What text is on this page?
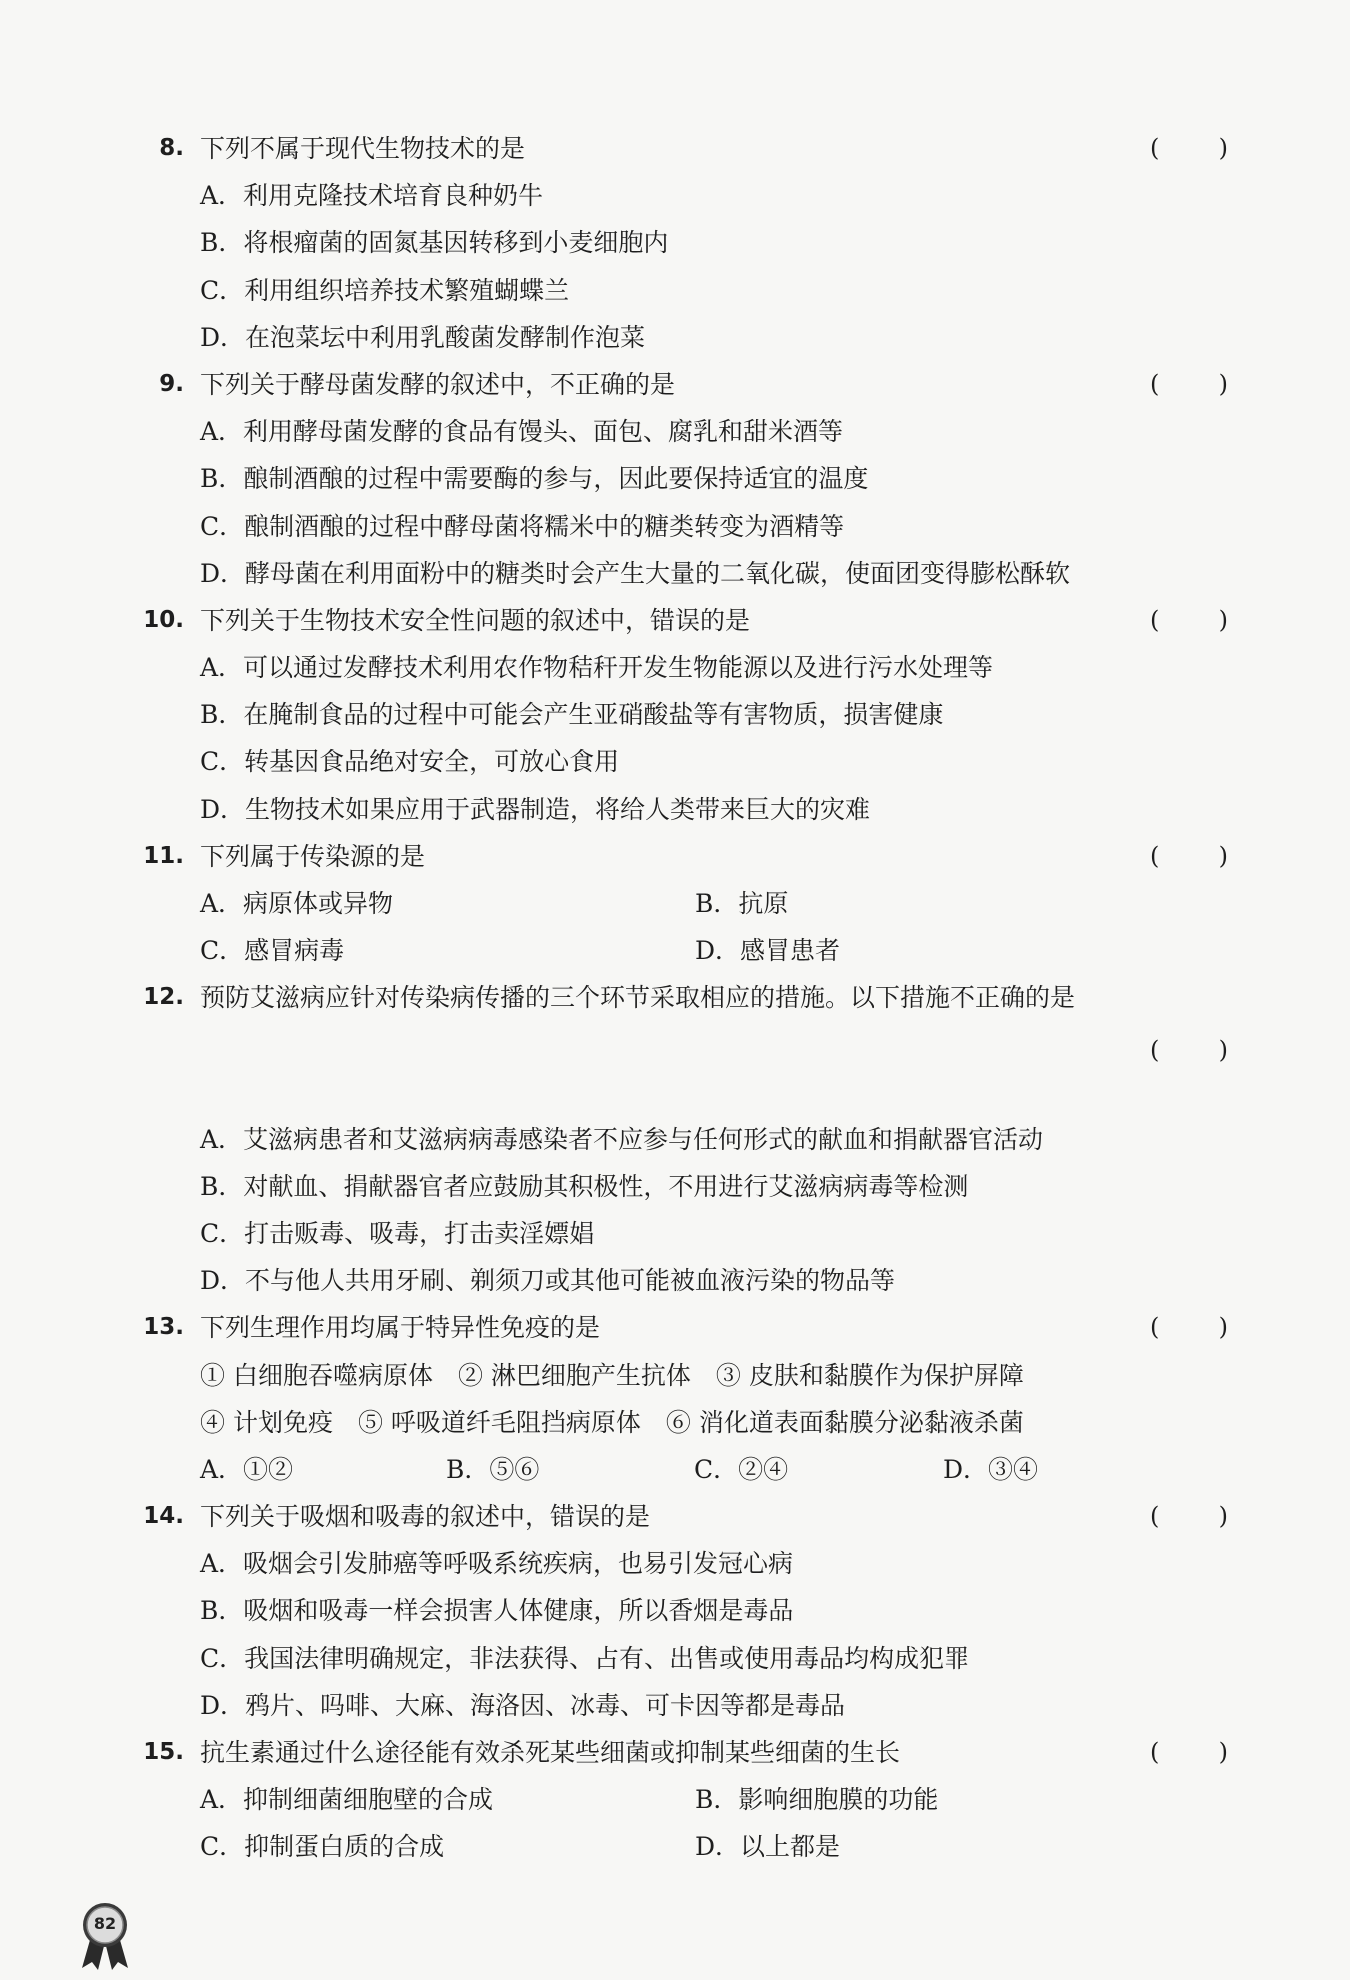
8. 下列不属于现代生物技术的是	( )
A．利用克隆技术培育良种奶牛
B．将根瘤菌的固氮基因转移到小麦细胞内
C．利用组织培养技术繁殖蝴蝶兰
D．在泡菜坛中利用乳酸菌发酵制作泡菜
9. 下列关于酵母菌发酵的叙述中，不正确的是	( )
A．利用酵母菌发酵的食品有馒头、面包、腐乳和甜米酒等
B．酿制酒酿的过程中需要酶的参与，因此要保持适宜的温度
C．酿制酒酿的过程中酵母菌将糯米中的糖类转变为酒精等
D．酵母菌在利用面粉中的糖类时会产生大量的二氧化碳，使面团变得膨松酥软
10. 下列关于生物技术安全性问题的叙述中，错误的是	( )
A．可以通过发酵技术利用农作物秸秆开发生物能源以及进行污水处理等
B．在腌制食品的过程中可能会产生亚硝酸盐等有害物质，损害健康
C．转基因食品绝对安全，可放心食用
D．生物技术如果应用于武器制造，将给人类带来巨大的灾难
11. 下列属于传染源的是	( )
A．病原体或异物	B．抗原
C．感冒病毒	D．感冒患者
12. 预防艾滋病应针对传染病传播的三个环节采取相应的措施。以下措施不正确的是
( )
A．艾滋病患者和艾滋病病毒感染者不应参与任何形式的献血和捐献器官活动
B．对献血、捐献器官者应鼓励其积极性，不用进行艾滋病病毒等检测
C．打击贩毒、吸毒，打击卖淫嫖娼
D．不与他人共用牙刷、剃须刀或其他可能被血液污染的物品等
13. 下列生理作用均属于特异性免疫的是	( )
① 白细胞吞噬病原体　② 淋巴细胞产生抗体　③ 皮肤和黏膜作为保护屏障
④ 计划免疫　⑤ 呼吸道纤毛阻挡病原体　⑥ 消化道表面黏膜分泌黏液杀菌
A．①②	B．⑤⑥	C．②④	D．③④
14. 下列关于吸烟和吸毒的叙述中，错误的是	( )
A．吸烟会引发肺癌等呼吸系统疾病，也易引发冠心病
B．吸烟和吸毒一样会损害人体健康，所以香烟是毒品
C．我国法律明确规定，非法获得、占有、出售或使用毒品均构成犯罪
D．鸦片、吗啡、大麻、海洛因、冰毒、可卡因等都是毒品
15. 抗生素通过什么途径能有效杀死某些细菌或抑制某些细菌的生长	( )
A．抑制细菌细胞壁的合成	B．影响细胞膜的功能
C．抑制蛋白质的合成	D．以上都是
82
